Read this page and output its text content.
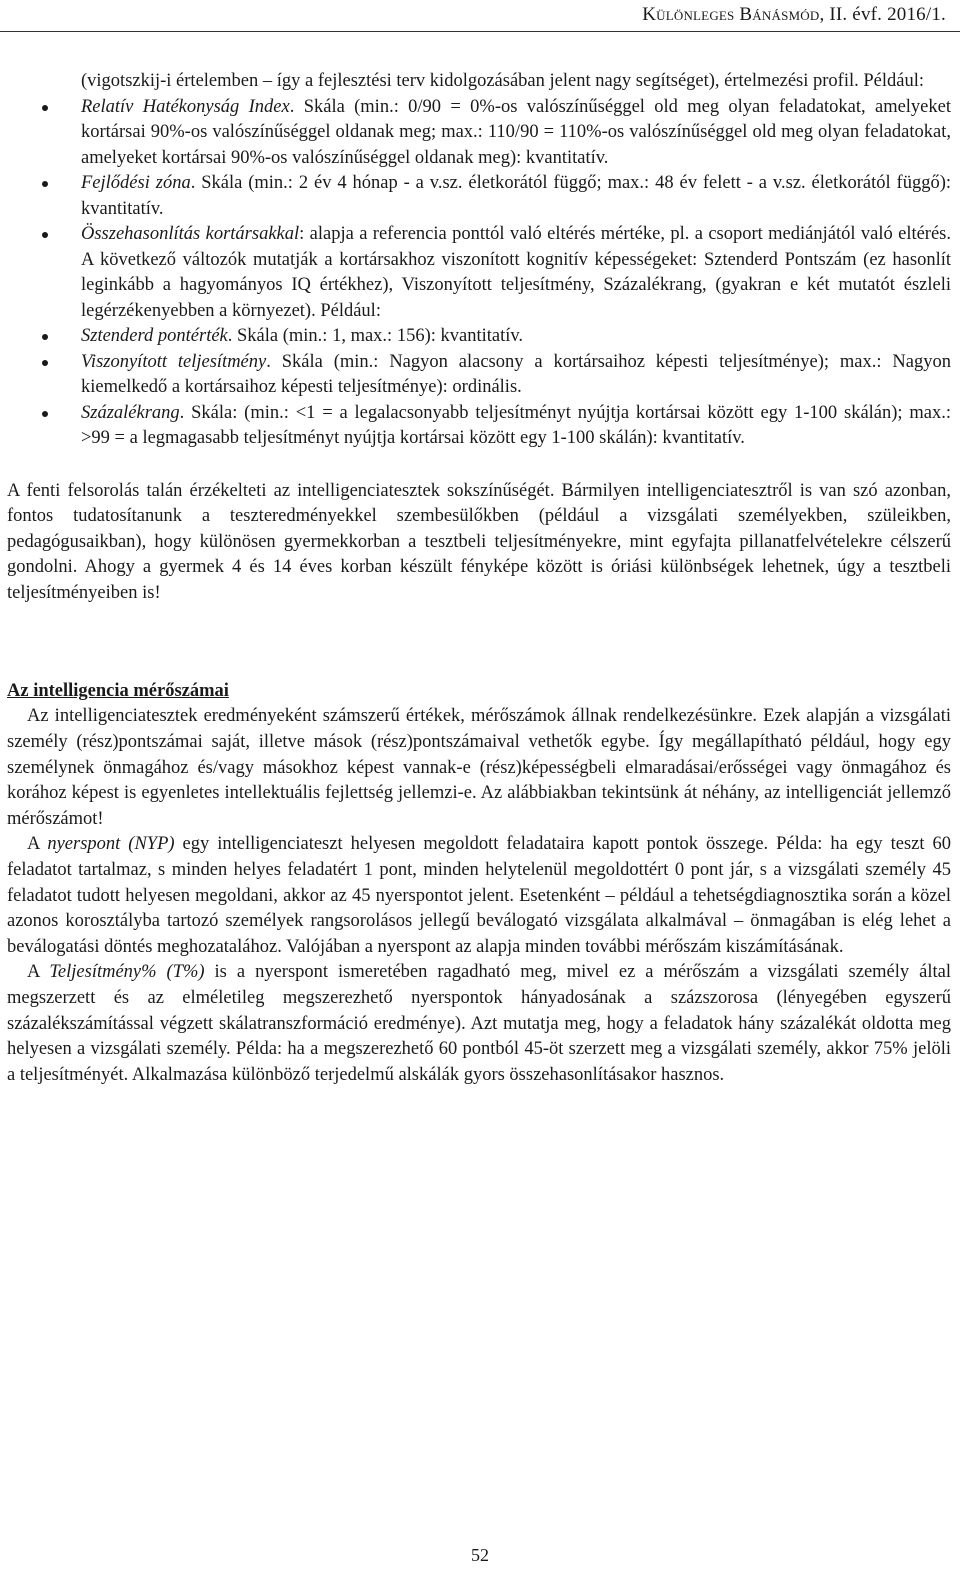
Különleges Bánásmód, II. évf. 2016/1.
(vigotszkij-i értelemben – így a fejlesztési terv kidolgozásában jelent nagy segítséget), értelmezési profil. Például:
Relatív Hatékonyság Index. Skála (min.: 0/90 = 0%-os valószínűséggel old meg olyan feladatokat, amelyeket kortársai 90%-os valószínűséggel oldanak meg; max.: 110/90 = 110%-os valószínűséggel old meg olyan feladatokat, amelyeket kortársai 90%-os valószínűséggel oldanak meg): kvantitatív.
Fejlődési zóna. Skála (min.: 2 év 4 hónap - a v.sz. életkorától függő; max.: 48 év felett - a v.sz. életkorától függő): kvantitatív.
Összehasonlítás kortársakkal: alapja a referencia ponttól való eltérés mértéke, pl. a csoport mediánjától való eltérés. A következő változók mutatják a kortársakhoz viszonított kognitív képességeket: Sztenderd Pontszám (ez hasonlít leginkább a hagyományos IQ értékhez), Viszonyított teljesítmény, Százalékrang, (gyakran e két mutatót észleli legérzékenyebben a környezet). Például:
Sztenderd pontérték. Skála (min.: 1, max.: 156): kvantitatív.
Viszonyított teljesítmény. Skála (min.: Nagyon alacsony a kortársaihoz képesti teljesítménye); max.: Nagyon kiemelkedő a kortársaihoz képesti teljesítménye): ordinális.
Százalékrang. Skála: (min.: <1 = a legalacsonyabb teljesítményt nyújtja kortársai között egy 1-100 skálán); max.: >99 = a legmagasabb teljesítményt nyújtja kortársai között egy 1-100 skálán): kvantitatív.

A fenti felsorolás talán érzékelteti az intelligenciatesztek sokszínűségét. Bármilyen intelligenciatesztről is van szó azonban, fontos tudatosítanunk a teszteredményekkel szembesülőkben (például a vizsgálati személyekben, szüleikben, pedagógusaikban), hogy különösen gyermekkorban a tesztbeli teljesítményekre, mint egyfajta pillanatfelvételekre célszerű gondolni. Ahogy a gyermek 4 és 14 éves korban készült fényképe között is óriási különbségek lehetnek, úgy a tesztbeli teljesítményeiben is!

Az intelligencia mérőszámai

Az intelligenciatesztek eredményeként számszerű értékek, mérőszámok állnak rendelkezésünkre. Ezek alapján a vizsgálati személy (rész)pontszámai saját, illetve mások (rész)pontszámaival vethetők egybe. Így megállapítható például, hogy egy személynek önmagához és/vagy másokhoz képest vannak-e (rész)képességbeli elmaradásai/erősségei vagy önmagához és korához képest is egyenletes intellektuális fejlettség jellemzi-e. Az alábbiakban tekintsünk át néhány, az intelligenciát jellemző mérőszámot!

A nyerspont (NYP) egy intelligenciateszt helyesen megoldott feladataira kapott pontok összege. Példa: ha egy teszt 60 feladatot tartalmaz, s minden helyes feladatért 1 pont, minden helytelenül megoldottért 0 pont jár, s a vizsgálati személy 45 feladatot tudott helyesen megoldani, akkor az 45 nyerspontot jelent. Esetenként – például a tehetségdiagnosztika során a közel azonos korosztályba tartozó személyek rangsorolásos jellegű beválogató vizsgálata alkalmával – önmagában is elég lehet a beválogatási döntés meghozatalához. Valójában a nyerspont az alapja minden további mérőszám kiszámításának.

A Teljesítmény% (T%) is a nyerspont ismeretében ragadható meg, mivel ez a mérőszám a vizsgálati személy által megszerzett és az elméletileg megszerezhető nyerspontok hányadosának a százszorosa (lényegében egyszerű százalékszámítással végzett skálatranszformáció eredménye). Azt mutatja meg, hogy a feladatok hány százalékát oldotta meg helyesen a vizsgálati személy. Példa: ha a megszerezhető 60 pontból 45-öt szerzett meg a vizsgálati személy, akkor 75% jelöli a teljesítményét. Alkalmazása különböző terjedelmű alskálák gyors összehasonlításakor hasznos.

52
